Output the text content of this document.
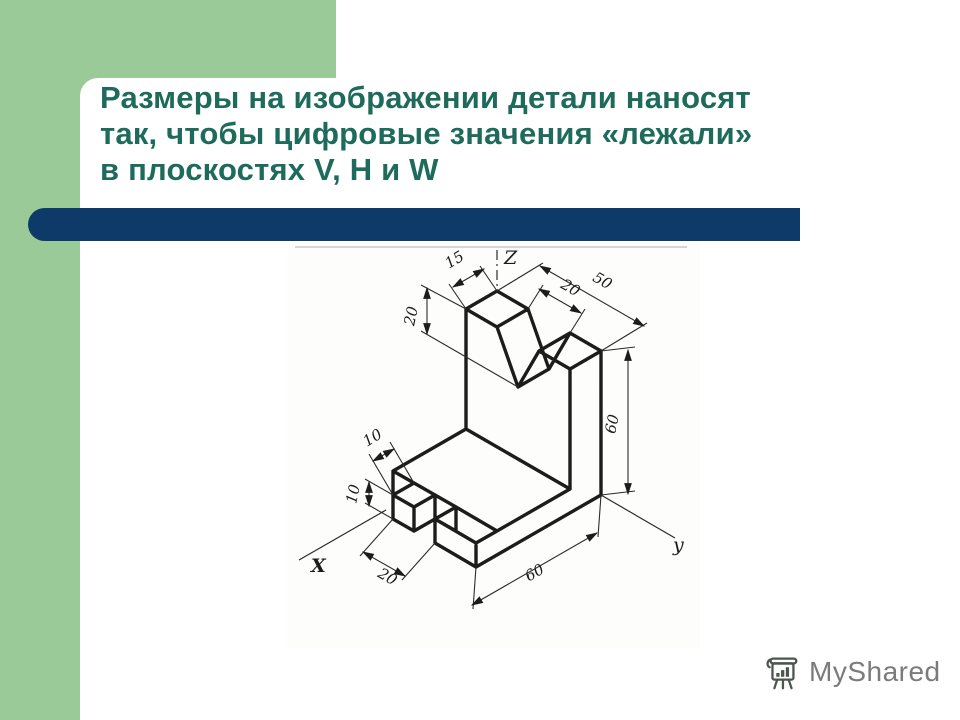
Размеры на изображении детали наносят
так, чтобы цифровые значения «лежали»
в плоскостях V, H и W
15
20
50
20
60
60
10
10
20
Z
X
y
MyShared
